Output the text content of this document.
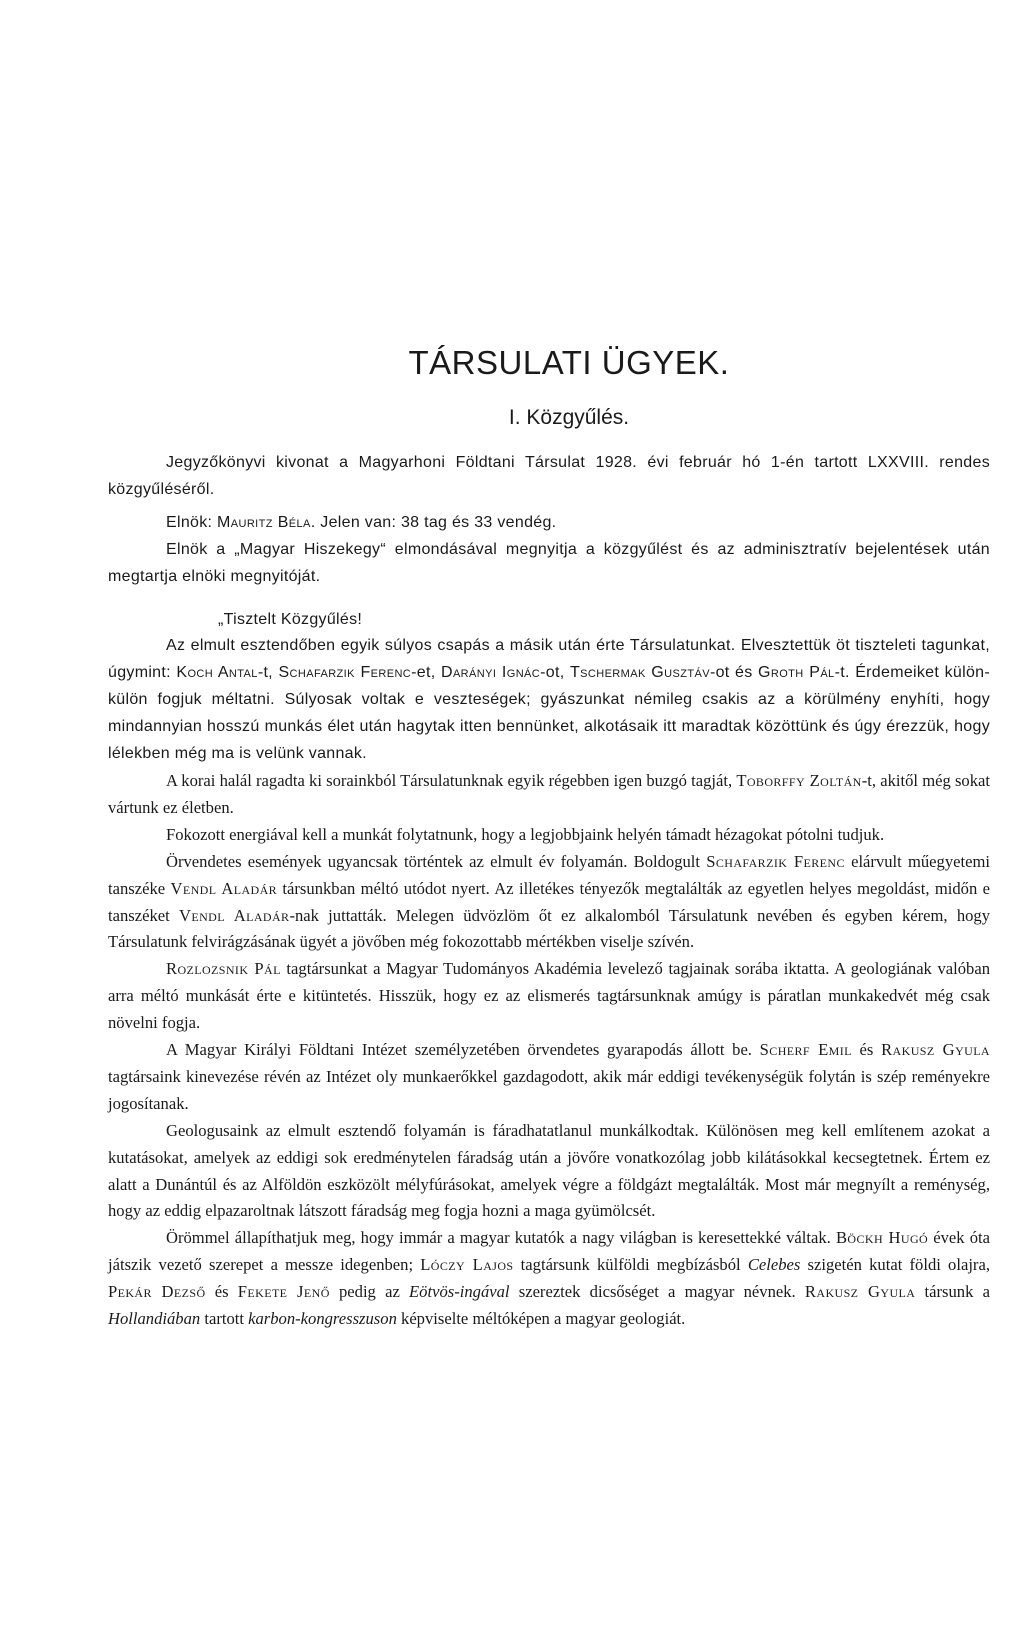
TÁRSULATI ÜGYEK.
I. Közgyűlés.

Jegyzőkönyvi kivonat a Magyarhoni Földtani Társulat 1928. évi február hó 1-én tartott LXXVIII. rendes közgyűléséről.

Elnök: Mauritz Béla. Jelen van: 38 tag és 33 vendég.

Elnök a „Magyar Hiszekegy“ elmondásával megnyitja a közgyűlést és az adminisztratív bejelentések után megtartja elnöki megnyitóját.

„Tisztelt Közgyűlés!

Az elmult esztendőben egyik súlyos csapás a másik után érte Társulatunkat. Elvesztettük öt tiszteleti tagunkat, úgymint: Koch Antal-t, Schafarzik Ferenc-et, Darányi Ignác-ot, Tschermak Gusztáv-ot és Groth Pál-t. Érdemeiket külön-külön fogjuk méltatni. Súlyosak voltak e veszteségek; gyászunkat némileg csakis az a körülmény enyhíti, hogy mindannyian hosszú munkás élet után hagytak itten bennünket, alkotásaik itt maradtak közöttünk és úgy érezzük, hogy lélekben még ma is velünk vannak.

A korai halál ragadta ki sorainkból Társulatunknak egyik régebben igen buzgó tagját, Toborffy Zoltán-t, akitől még sokat vártunk ez életben.

Fokozott energiával kell a munkát folytatnunk, hogy a legjobbjaink helyén támadt hézagokat pótolni tudjuk.

Örvendetes események ugyancsak történtek az elmult év folyamán. Boldogult Schafarzik Ferenc elárvult műegyetemi tanszéke Vendl Aladár társunkban méltó utódot nyert. Az illetékes tényezők megtalálták az egyetlen helyes megoldást, midőn e tanszéket Vendl Aladár-nak juttatták. Melegen üdvözlöm őt ez alkalomból Társulatunk nevében és egyben kérem, hogy Társulatunk felvirágzásának ügyét a jövőben még fokozottabb mértékben viselje szívén.

Rozlozsnik Pál tagtársunkat a Magyar Tudományos Akadémia levelező tagjainak sorába iktatta. A geologiának valóban arra méltó munkását érte e kitüntetés. Hisszük, hogy ez az elismerés tagtársunknak amúgy is páratlan munkakedvét még csak növelni fogja.

A Magyar Királyi Földtani Intézet személyzetében örvendetes gyarapodás állott be. Scherf Emil és Rakusz Gyula tagtársaink kinevezése révén az Intézet oly munkaerőkkel gazdagodott, akik már eddigi tevékenységük folytán is szép reményekre jogosítanak.

Geologusaink az elmult esztendő folyamán is fáradhatatlanul munkálkodtak. Különösen meg kell említenem azokat a kutatásokat, amelyek az eddigi sok eredménytelen fáradság után a jövőre vonatkozólag jobb kilátásokkal kecsegtetnek. Értem ez alatt a Dunántúl és az Alföldön eszközölt mélyfúrásokat, amelyek végre a földgázt megtalálták. Most már megnyílt a reménység, hogy az eddig elpazaroltnak látszott fáradság meg fogja hozni a maga gyümölcsét.

Örömmel állapíthatjuk meg, hogy immár a magyar kutatók a nagy világban is keresettekké váltak. Böckh Hugó évek óta játszik vezető szerepet a messze idegenben; Lóczy Lajos tagtársunk külföldi megbízásból Celebes szigetén kutat földi olajra, Pekár Dezső és Fekete Jenő pedig az Eötvös-ingával szereztek dicsőséget a magyar névnek. Rakusz Gyula társunk a Hollandiában tartott karbon-kongresszuson képviselte méltóképen a magyar geologiát.
